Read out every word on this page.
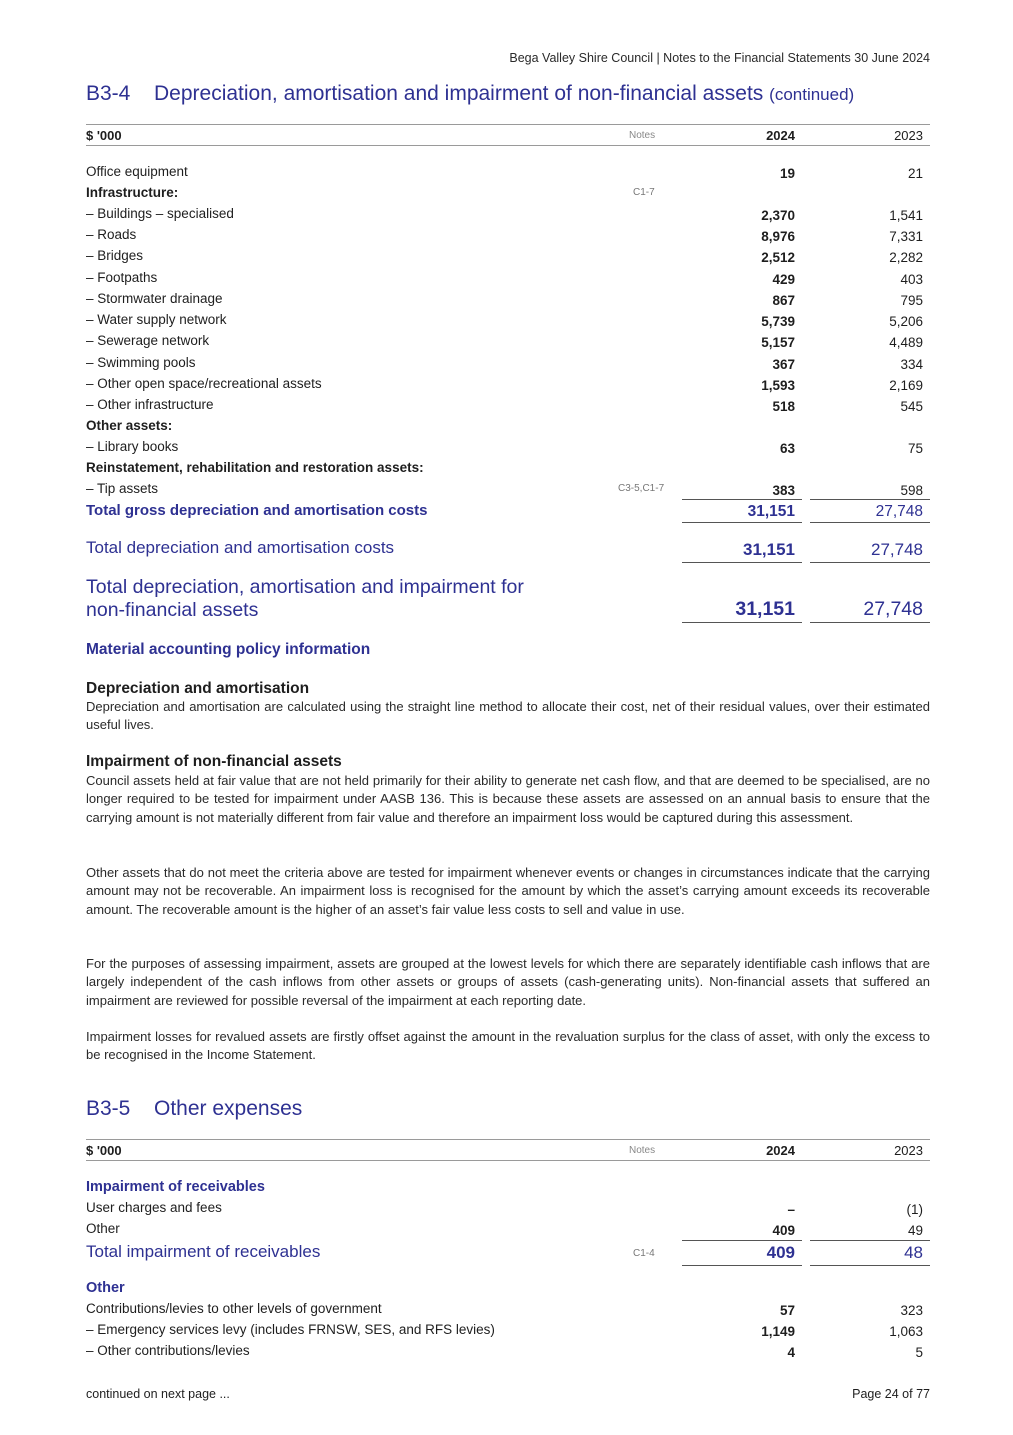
Bega Valley Shire Council | Notes to the Financial Statements 30 June 2024
B3-4 Depreciation, amortisation and impairment of non-financial assets (continued)
$ '000	Notes	2024	2023
Office equipment	19	21
Infrastructure:	C1-7
– Buildings – specialised	2,370	1,541
– Roads	8,976	7,331
– Bridges	2,512	2,282
– Footpaths	429	403
– Stormwater drainage	867	795
– Water supply network	5,739	5,206
– Sewerage network	5,157	4,489
– Swimming pools	367	334
– Other open space/recreational assets	1,593	2,169
– Other infrastructure	518	545
Other assets:
– Library books	63	75
Reinstatement, rehabilitation and restoration assets:
– Tip assets	C3-5,C1-7	383	598
Total gross depreciation and amortisation costs	31,151	27,748
Total depreciation and amortisation costs	31,151	27,748
Total depreciation, amortisation and impairment for
non-financial assets	31,151	27,748
Material accounting policy information
Depreciation and amortisation
Depreciation and amortisation are calculated using the straight line method to allocate their cost, net of their residual values, over their estimated useful lives.
Impairment of non-financial assets
Council assets held at fair value that are not held primarily for their ability to generate net cash flow, and that are deemed to be specialised, are no longer required to be tested for impairment under AASB 136. This is because these assets are assessed on an annual basis to ensure that the carrying amount is not materially different from fair value and therefore an impairment loss would be captured during this assessment.
Other assets that do not meet the criteria above are tested for impairment whenever events or changes in circumstances indicate that the carrying amount may not be recoverable. An impairment loss is recognised for the amount by which the asset’s carrying amount exceeds its recoverable amount. The recoverable amount is the higher of an asset’s fair value less costs to sell and value in use.
For the purposes of assessing impairment, assets are grouped at the lowest levels for which there are separately identifiable cash inflows that are largely independent of the cash inflows from other assets or groups of assets (cash-generating units). Non-financial assets that suffered an impairment are reviewed for possible reversal of the impairment at each reporting date.
Impairment losses for revalued assets are firstly offset against the amount in the revaluation surplus for the class of asset, with only the excess to be recognised in the Income Statement.
B3-5 Other expenses
$ '000	Notes	2024	2023
Impairment of receivables
User charges and fees	–	(1)
Other	409	49
Total impairment of receivables	C1-4	409	48
Other
Contributions/levies to other levels of government	57	323
– Emergency services levy (includes FRNSW, SES, and RFS levies)	1,149	1,063
– Other contributions/levies	4	5
continued on next page ...	Page 24 of 77
